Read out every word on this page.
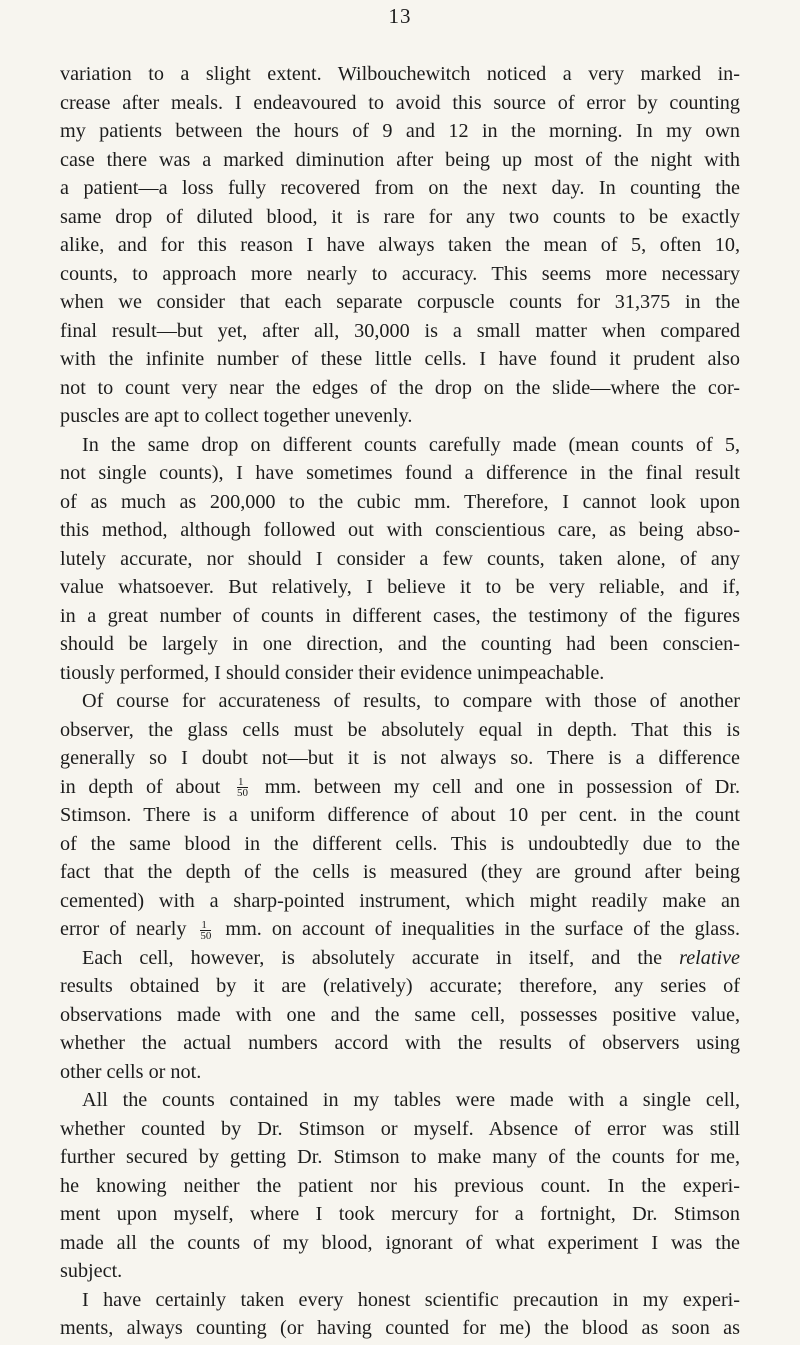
13
variation to a slight extent. Wilbouchewitch noticed a very marked in-
crease after meals. I endeavoured to avoid this source of error by counting
my patients between the hours of 9 and 12 in the morning. In my own
case there was a marked diminution after being up most of the night with
a patient—a loss fully recovered from on the next day. In counting the
same drop of diluted blood, it is rare for any two counts to be exactly
alike, and for this reason I have always taken the mean of 5, often 10,
counts, to approach more nearly to accuracy. This seems more necessary
when we consider that each separate corpuscle counts for 31,375 in the
final result—but yet, after all, 30,000 is a small matter when compared
with the infinite number of these little cells. I have found it prudent also
not to count very near the edges of the drop on the slide—where the cor-
puscles are apt to collect together unevenly.
In the same drop on different counts carefully made (mean counts of 5,
not single counts), I have sometimes found a difference in the final result
of as much as 200,000 to the cubic mm. Therefore, I cannot look upon
this method, although followed out with conscientious care, as being abso-
lutely accurate, nor should I consider a few counts, taken alone, of any
value whatsoever. But relatively, I believe it to be very reliable, and if,
in a great number of counts in different cases, the testimony of the figures
should be largely in one direction, and the counting had been conscien-
tiously performed, I should consider their evidence unimpeachable.
Of course for accurateness of results, to compare with those of another
observer, the glass cells must be absolutely equal in depth. That this is
generally so I doubt not—but it is not always so. There is a difference
in depth of about $\frac{1}{50}$ mm. between my cell and one in possession of Dr.
Stimson. There is a uniform difference of about 10 per cent. in the count
of the same blood in the different cells. This is undoubtedly due to the
fact that the depth of the cells is measured (they are ground after being
cemented) with a sharp-pointed instrument, which might readily make an
error of nearly $\frac{1}{50}$ mm. on account of inequalities in the surface of the glass.
Each cell, however, is absolutely accurate in itself, and the relative
results obtained by it are (relatively) accurate; therefore, any series of
observations made with one and the same cell, possesses positive value,
whether the actual numbers accord with the results of observers using
other cells or not.
All the counts contained in my tables were made with a single cell,
whether counted by Dr. Stimson or myself. Absence of error was still
further secured by getting Dr. Stimson to make many of the counts for me,
he knowing neither the patient nor his previous count. In the experi-
ment upon myself, where I took mercury for a fortnight, Dr. Stimson
made all the counts of my blood, ignorant of what experiment I was the
subject.
I have certainly taken every honest scientific precaution in my experi-
ments, always counting (or having counted for me) the blood as soon as
